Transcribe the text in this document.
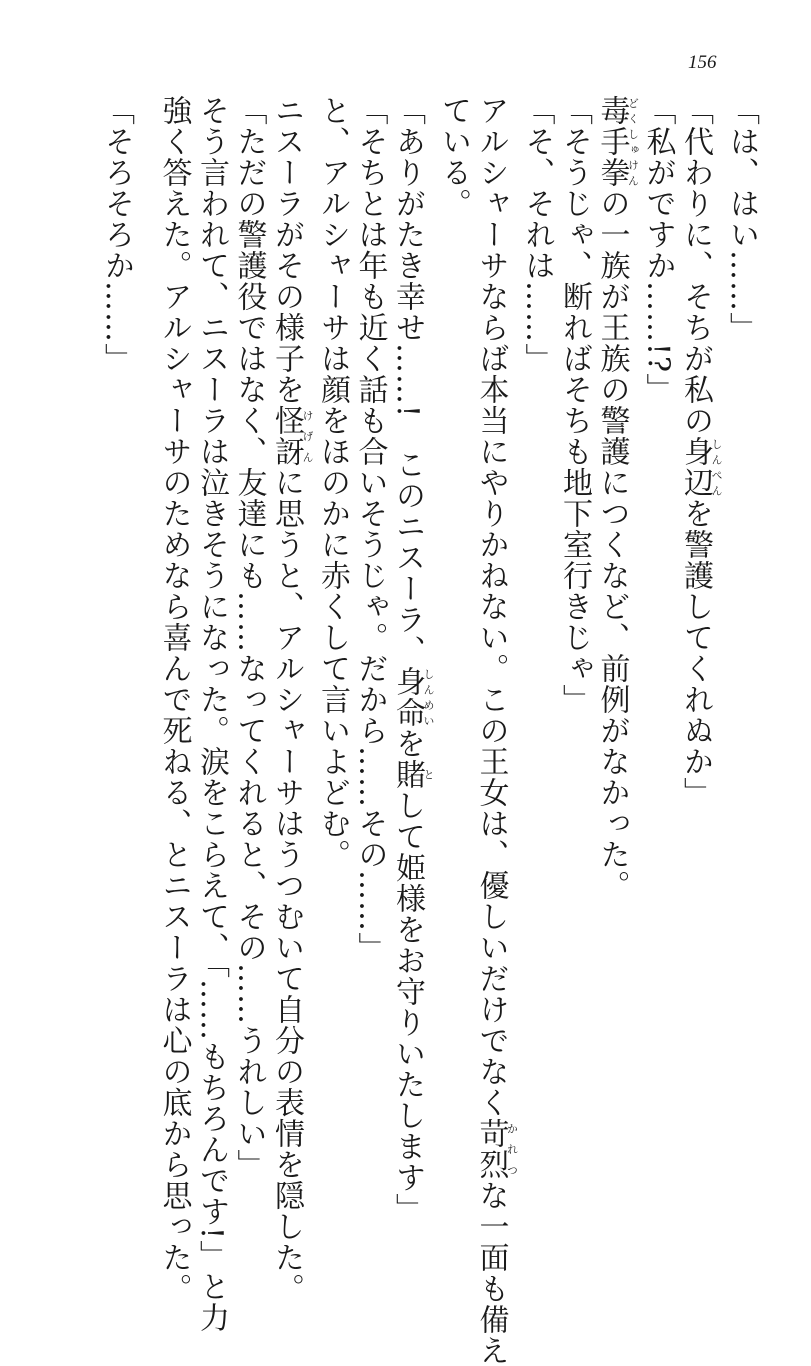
156
「は、はい……」
「代わりに、そちが私の身辺しんぺんを警護してくれぬか」
「私がですか……!?」
毒手拳どくしゅけんの一族が王族の警護につくなど、前例がなかった。
「そうじゃ、断ればそちも地下室行きじゃ」
「そ、それは……」
アルシャーサならば本当にやりかねない。この王女は、優しいだけでなく苛烈かれつな一面も備え
ている。
「ありがたき幸せ……!　このニスーラ、身命しんめいを賭として姫様をお守りいたします」
「そちとは年も近く話も合いそうじゃ。だから……その……」
と、アルシャーサは顔をほのかに赤くして言いよどむ。
ニスーラがその様子を怪訝けげんに思うと、アルシャーサはうつむいて自分の表情を隠した。
「ただの警護役ではなく、友達にも……なってくれると、その……うれしい」
そう言われて、ニスーラは泣きそうになった。涙をこらえて、「……もちろんです!」と力
強く答えた。アルシャーサのためなら喜んで死ねる、とニスーラは心の底から思った。
「そろそろか……」
